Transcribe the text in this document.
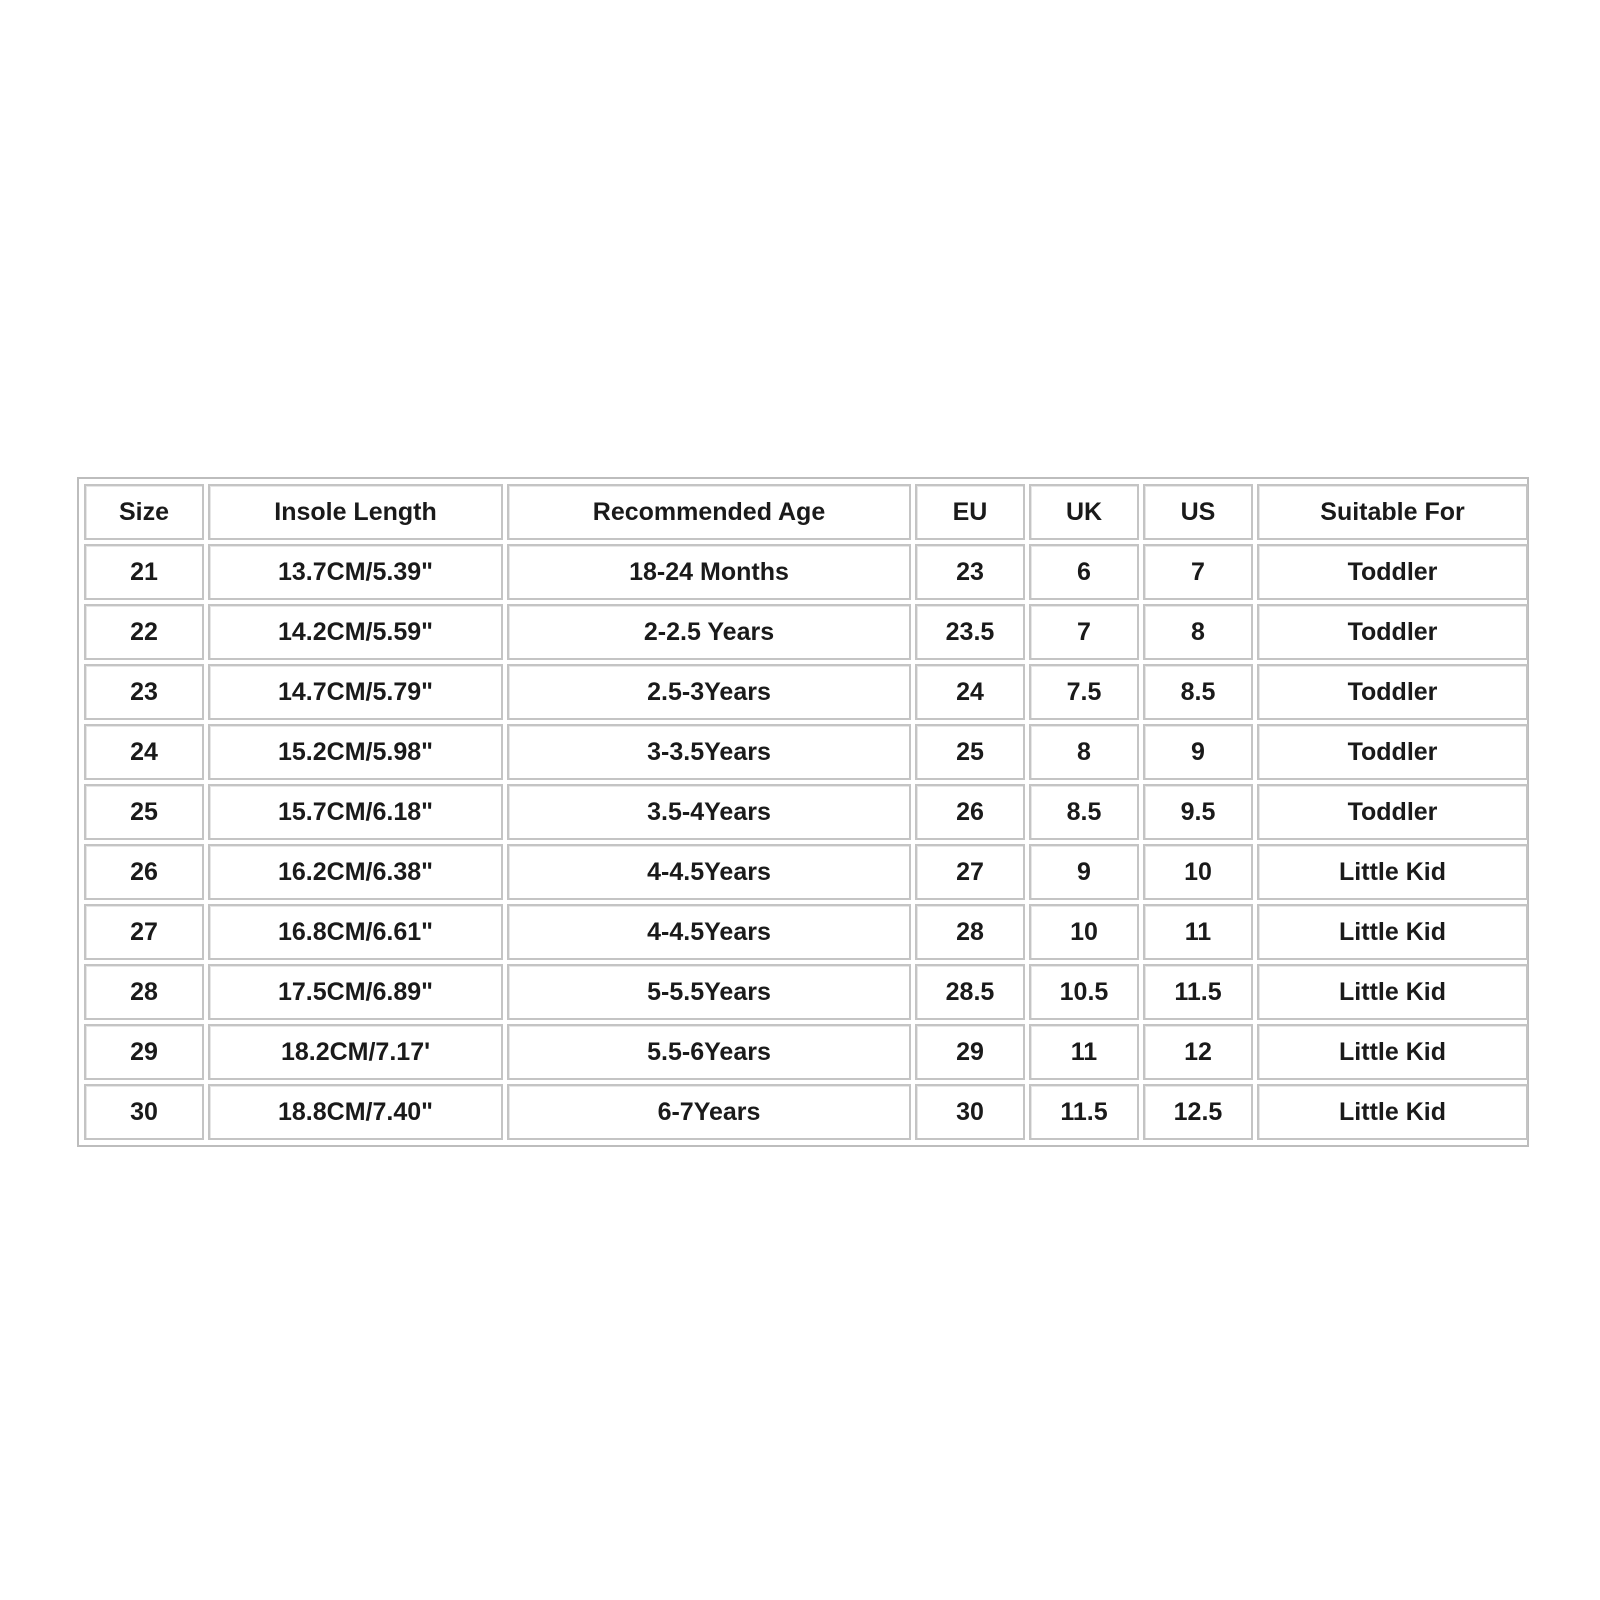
Size	Insole Length	Recommended Age	EU	UK	US	Suitable For
21	13.7CM/5.39"	18-24 Months	23	6	7	Toddler
22	14.2CM/5.59"	2-2.5 Years	23.5	7	8	Toddler
23	14.7CM/5.79"	2.5-3Years	24	7.5	8.5	Toddler
24	15.2CM/5.98"	3-3.5Years	25	8	9	Toddler
25	15.7CM/6.18"	3.5-4Years	26	8.5	9.5	Toddler
26	16.2CM/6.38"	4-4.5Years	27	9	10	Little Kid
27	16.8CM/6.61"	4-4.5Years	28	10	11	Little Kid
28	17.5CM/6.89"	5-5.5Years	28.5	10.5	11.5	Little Kid
29	18.2CM/7.17'	5.5-6Years	29	11	12	Little Kid
30	18.8CM/7.40"	6-7Years	30	11.5	12.5	Little Kid
